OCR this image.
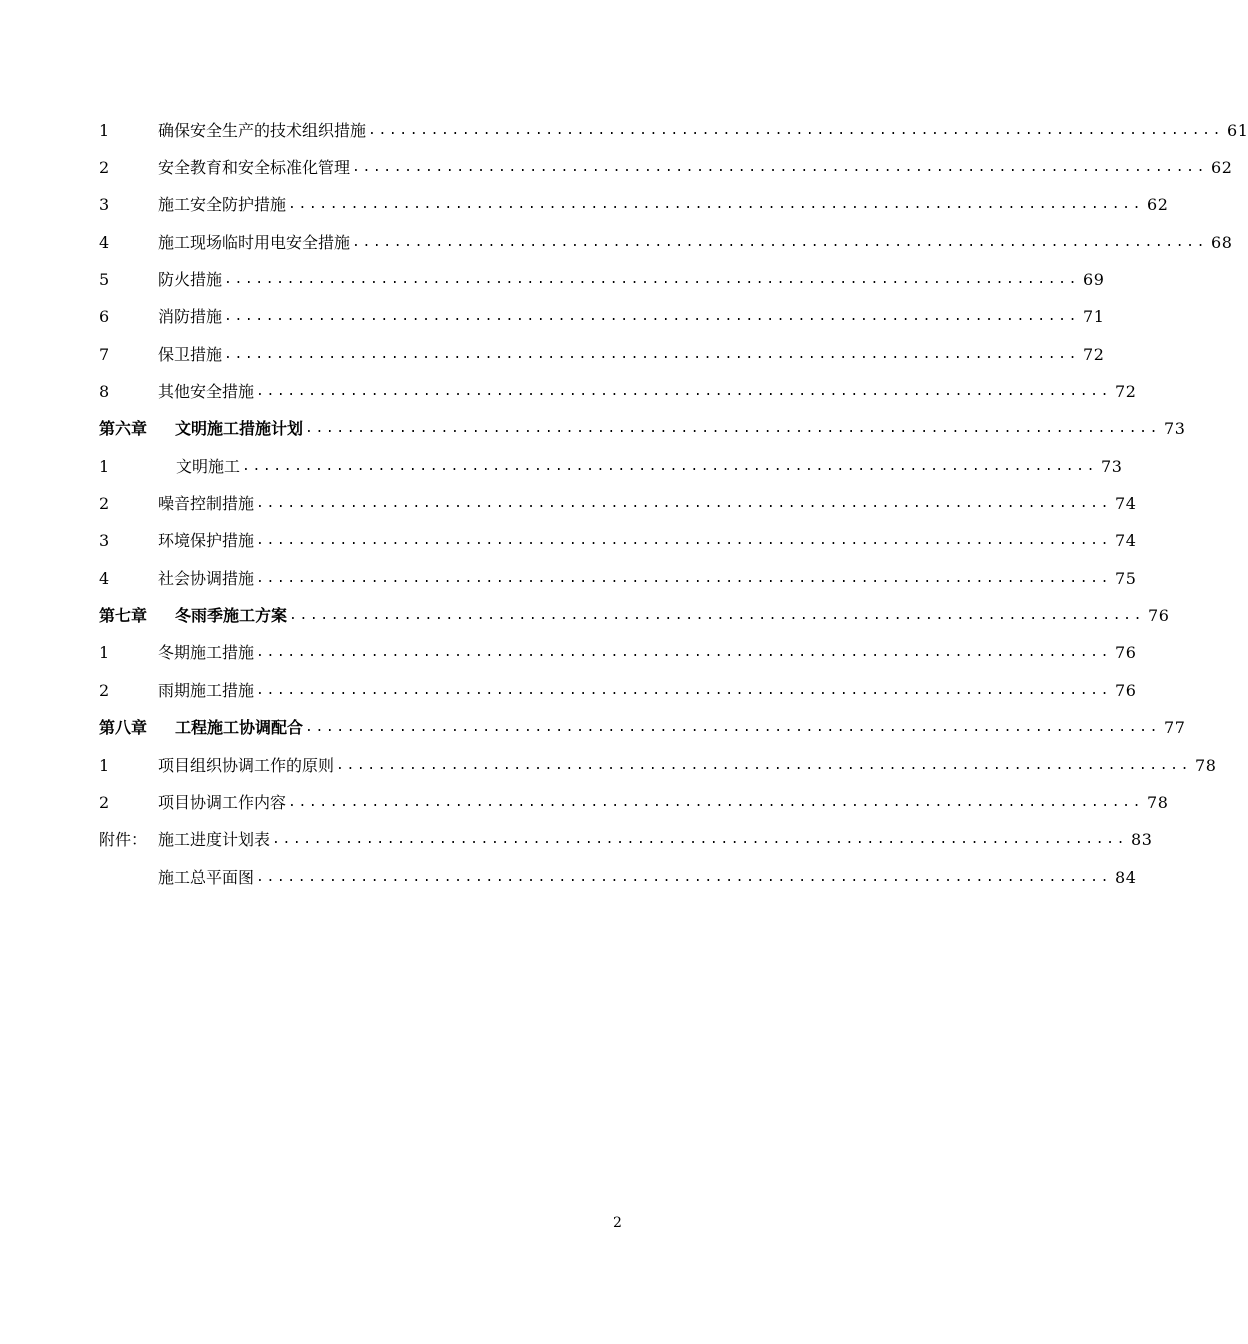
1	确保安全生产的技术组织措施 .................................................................................. 61
2	安全教育和安全标准化管理 .................................................................................. 62
3	施工安全防护措施 .................................................................................. 62
4	施工现场临时用电安全措施 .................................................................................. 68
5	防火措施 .................................................................................. 69
6	消防措施 .................................................................................. 71
7	保卫措施 .................................................................................. 72
8	其他安全措施 .................................................................................. 72
第六章	文明施工措施计划 .................................................................................. 73
1	文明施工 .................................................................................. 73
2	噪音控制措施 .................................................................................. 74
3	环境保护措施 .................................................................................. 74
4	社会协调措施 .................................................................................. 75
第七章	冬雨季施工方案 .................................................................................. 76
1	冬期施工措施 .................................................................................. 76
2	雨期施工措施 .................................................................................. 76
第八章	工程施工协调配合 .................................................................................. 77
1	项目组织协调工作的原则 .................................................................................. 78
2	项目协调工作内容 .................................................................................. 78
附件： 施工进度计划表 .................................................................................. 83
施工总平面图 .................................................................................. 84
2
